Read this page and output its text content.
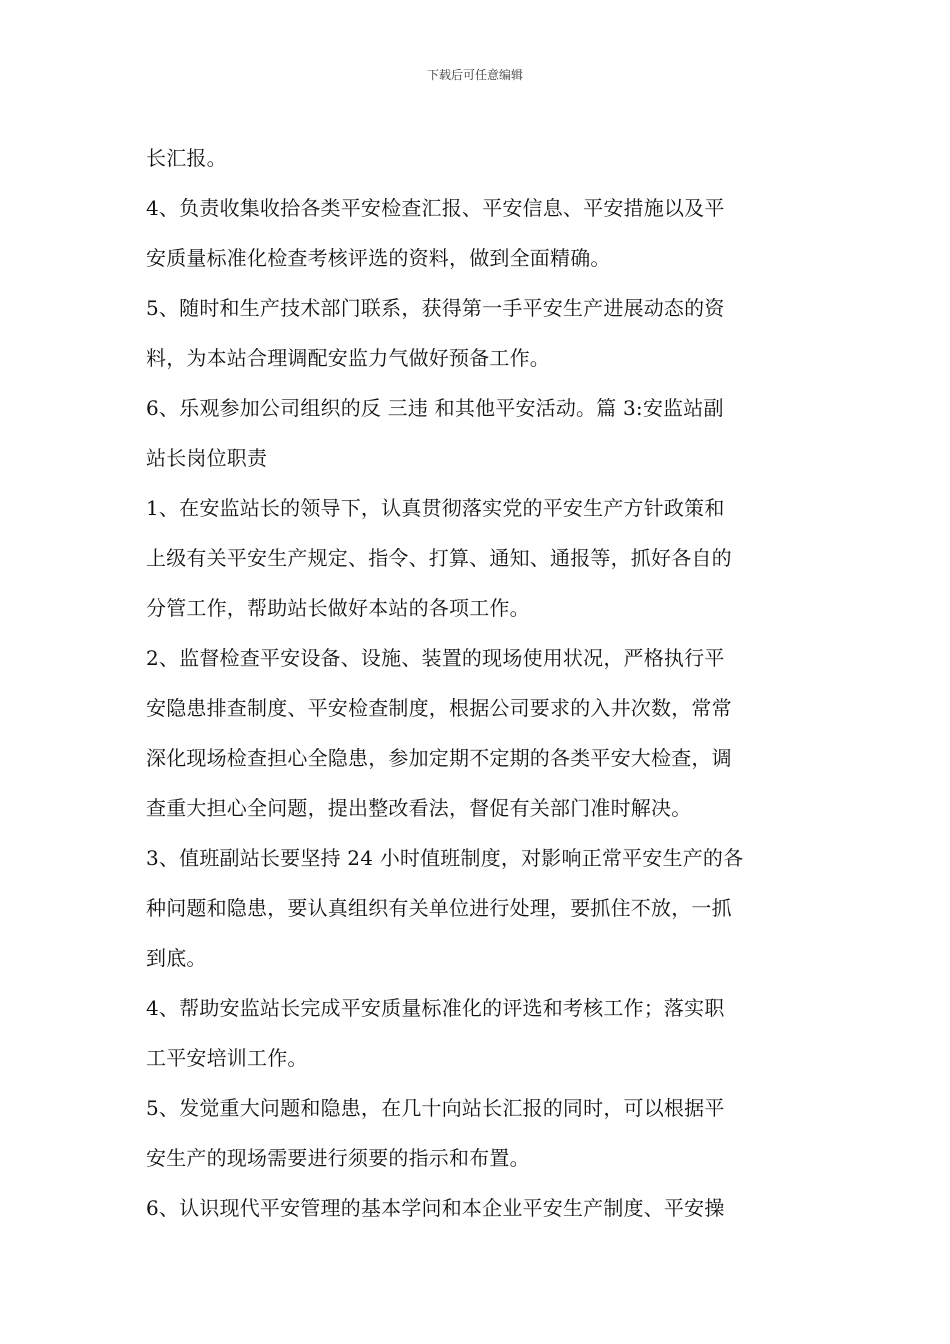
下载后可任意编辑
长汇报。
4、负责收集收拾各类平安检查汇报、平安信息、平安措施以及平
安质量标准化检查考核评选的资料，做到全面精确。
5、随时和生产技术部门联系，获得第一手平安生产进展动态的资
料，为本站合理调配安监力气做好预备工作。
6、乐观参加公司组织的反 三违 和其他平安活动。篇 3:安监站副
站长岗位职责
1、在安监站长的领导下，认真贯彻落实党的平安生产方针政策和
上级有关平安生产规定、指令、打算、通知、通报等，抓好各自的
分管工作，帮助站长做好本站的各项工作。
2、监督检查平安设备、设施、装置的现场使用状况，严格执行平
安隐患排查制度、平安检查制度，根据公司要求的入井次数，常常
深化现场检查担心全隐患，参加定期不定期的各类平安大检查，调
查重大担心全问题，提出整改看法，督促有关部门准时解决。
3、值班副站长要坚持 24 小时值班制度，对影响正常平安生产的各
种问题和隐患，要认真组织有关单位进行处理，要抓住不放，一抓
到底。
4、帮助安监站长完成平安质量标准化的评选和考核工作；落实职
工平安培训工作。
5、发觉重大问题和隐患，在几十向站长汇报的同时，可以根据平
安生产的现场需要进行须要的指示和布置。
6、认识现代平安管理的基本学问和本企业平安生产制度、平安操
